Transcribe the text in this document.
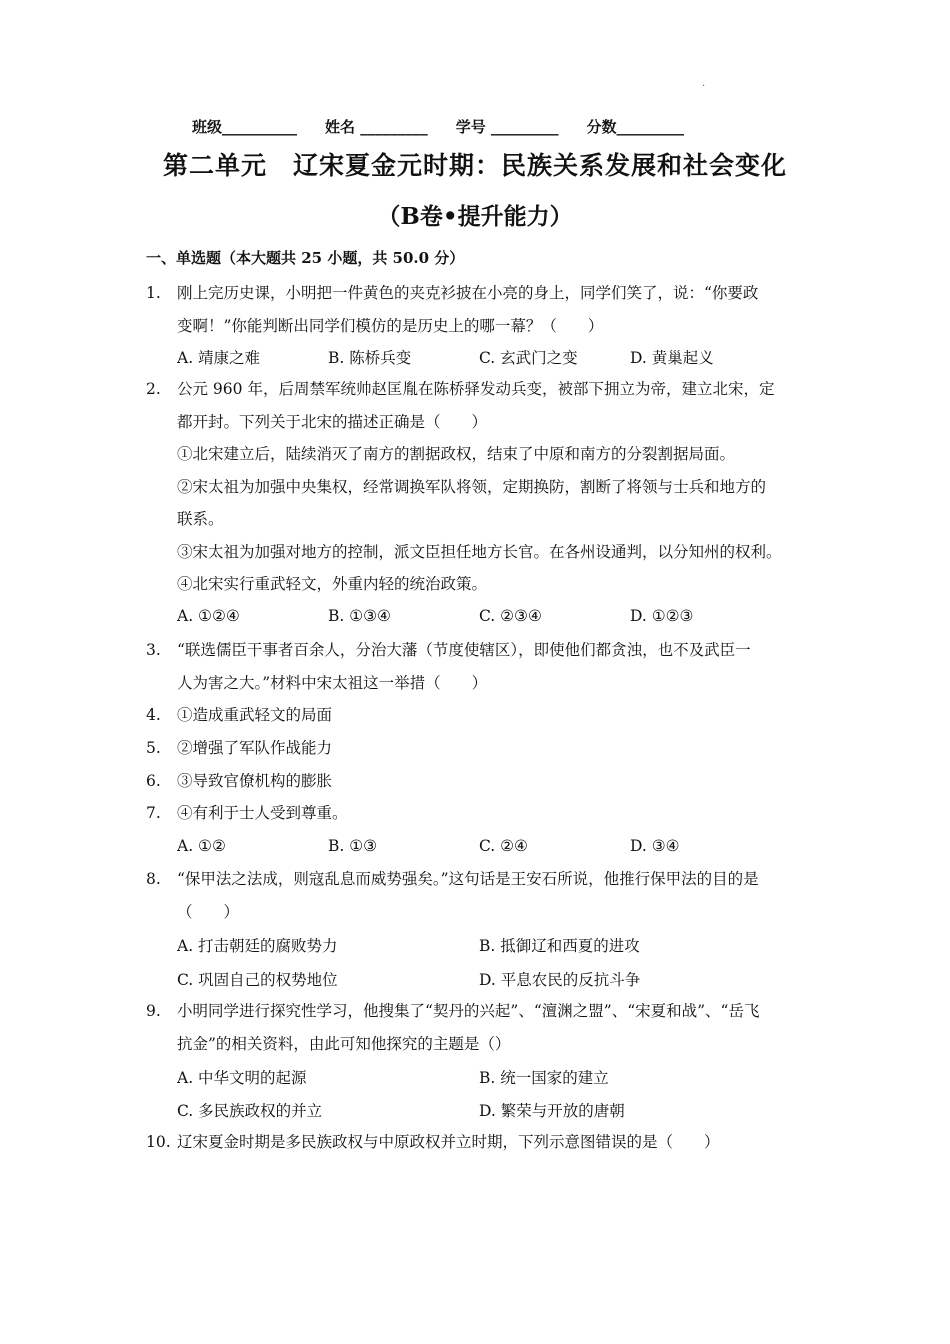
.
班级__________ 姓名 _________ 学号 _________ 分数_________
第二单元　辽宋夏金元时期：民族关系发展和社会变化
（B卷•提升能力）
一、单选题（本大题共 25 小题，共 50.0 分）
1.	刚上完历史课，小明把一件黄色的夹克衫披在小亮的身上，同学们笑了，说：“你要政
变啊！”你能判断出同学们模仿的是历史上的哪一幕？（　　）
A. 靖康之难	B. 陈桥兵变	C. 玄武门之变	D. 黄巢起义
2.	公元 960 年，后周禁军统帅赵匡胤在陈桥驿发动兵变，被部下拥立为帝，建立北宋，定
都开封。下列关于北宋的描述正确是（　　）
①北宋建立后，陆续消灭了南方的割据政权，结束了中原和南方的分裂割据局面。
②宋太祖为加强中央集权，经常调换军队将领，定期换防，割断了将领与士兵和地方的
联系。
③宋太祖为加强对地方的控制，派文臣担任地方长官。在各州设通判，以分知州的权利。
④北宋实行重武轻文，外重内轻的统治政策。
A. ①②④	B. ①③④	C. ②③④	D. ①②③
3.	“联选儒臣干事者百余人，分治大藩（节度使辖区），即使他们都贪浊，也不及武臣一
人为害之大。”材料中宋太祖这一举措（　　）
4.	①造成重武轻文的局面
5.	②增强了军队作战能力
6.	③导致官僚机构的膨胀
7.	④有利于士人受到尊重。
A. ①②	B. ①③	C. ②④	D. ③④
8.	“保甲法之法成，则寇乱息而威势强矣。”这句话是王安石所说，他推行保甲法的目的是
（　　）
A. 打击朝廷的腐败势力	B. 抵御辽和西夏的进攻
C. 巩固自己的权势地位	D. 平息农民的反抗斗争
9.	小明同学进行探究性学习，他搜集了“契丹的兴起”、“澶渊之盟”、“宋夏和战”、“岳飞
抗金”的相关资料，由此可知他探究的主题是（）
A. 中华文明的起源	B. 统一国家的建立
C. 多民族政权的并立	D. 繁荣与开放的唐朝
10. 辽宋夏金时期是多民族政权与中原政权并立时期，下列示意图错误的是（　　）
